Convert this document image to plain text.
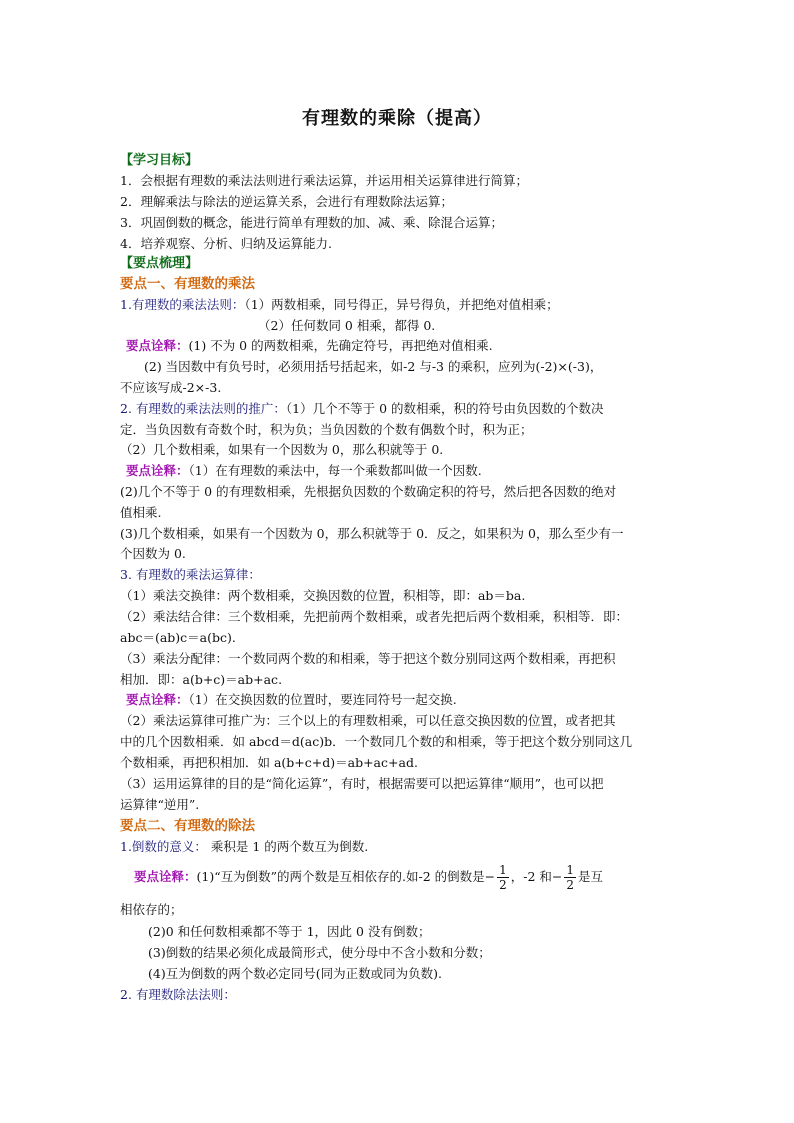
有理数的乘除（提高）
【学习目标】
1．会根据有理数的乘法法则进行乘法运算，并运用相关运算律进行简算；
2．理解乘法与除法的逆运算关系，会进行有理数除法运算；
3．巩固倒数的概念，能进行简单有理数的加、减、乘、除混合运算；
4．培养观察、分析、归纳及运算能力.
【要点梳理】
要点一、有理数的乘法
1.有理数的乘法法则：（1）两数相乘，同号得正，异号得负，并把绝对值相乘；
（2）任何数同 0 相乘，都得 0.
要点诠释：(1) 不为 0 的两数相乘，先确定符号，再把绝对值相乘.
(2) 当因数中有负号时，必须用括号括起来，如-2 与-3 的乘积，应列为(-2)×(-3)，
不应该写成-2×-3.
2. 有理数的乘法法则的推广：（1）几个不等于 0 的数相乘，积的符号由负因数的个数决
定．当负因数有奇数个时，积为负；当负因数的个数有偶数个时，积为正；
（2）几个数相乘，如果有一个因数为 0，那么积就等于 0.
要点诠释：（1）在有理数的乘法中，每一个乘数都叫做一个因数.
(2)几个不等于 0 的有理数相乘，先根据负因数的个数确定积的符号，然后把各因数的绝对
值相乘.
(3)几个数相乘，如果有一个因数为 0，那么积就等于 0．反之，如果积为 0，那么至少有一
个因数为 0.
3. 有理数的乘法运算律：
（1）乘法交换律：两个数相乘，交换因数的位置，积相等，即：ab＝ba.
（2）乘法结合律：三个数相乘，先把前两个数相乘，或者先把后两个数相乘，积相等．即：
abc＝(ab)c＝a(bc).
（3）乘法分配律：一个数同两个数的和相乘，等于把这个数分别同这两个数相乘，再把积
相加．即：a(b+c)＝ab+ac.
要点诠释：（1）在交换因数的位置时，要连同符号一起交换.
（2）乘法运算律可推广为：三个以上的有理数相乘，可以任意交换因数的位置，或者把其
中的几个因数相乘．如 abcd＝d(ac)b．一个数同几个数的和相乘，等于把这个数分别同这几
个数相乘，再把积相加．如 a(b+c+d)＝ab+ac+ad.
（3）运用运算律的目的是“简化运算”，有时，根据需要可以把运算律“顺用”，也可以把
运算律“逆用”.
要点二、有理数的除法
1.倒数的意义： 乘积是 1 的两个数互为倒数.
要点诠释：(1)“互为倒数”的两个数是互相依存的.如-2 的倒数是− $\frac{1}{2}$ ，-2 和− $\frac{1}{2}$ 是互
相依存的；
(2)0 和任何数相乘都不等于 1，因此 0 没有倒数；
(3)倒数的结果必须化成最简形式，使分母中不含小数和分数；
(4)互为倒数的两个数必定同号(同为正数或同为负数).
2. 有理数除法法则：
